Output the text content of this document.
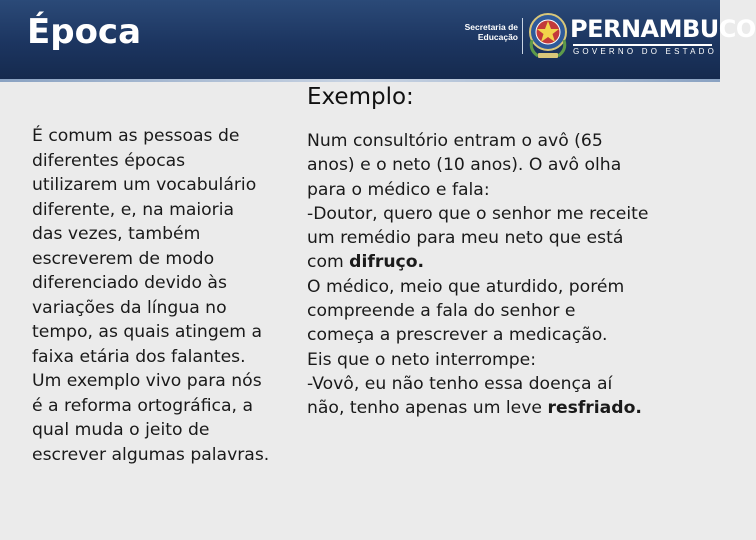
Época	Secretaria de
Educação PERNAMBUCO
GOVERNO DO ESTADO
É comum as pessoas de
diferentes épocas
utilizarem um vocabulário
diferente, e, na maioria
das vezes, também
escreverem de modo
diferenciado devido às
variações da língua no
tempo, as quais atingem a
faixa etária dos falantes.
Um exemplo vivo para nós
é a reforma ortográfica, a
qual muda o jeito de
escrever algumas palavras.
Exemplo:

Num consultório entram o avô (65
anos) e o neto (10 anos). O avô olha
para o médico e fala:

-Doutor, quero que o senhor me receite
um remédio para meu neto que está
com difruço.

O médico, meio que aturdido, porém
compreende a fala do senhor e
começa a prescrever a medicação.
Eis que o neto interrompe:

-Vovô, eu não tenho essa doença aí
não, tenho apenas um leve resfriado.
